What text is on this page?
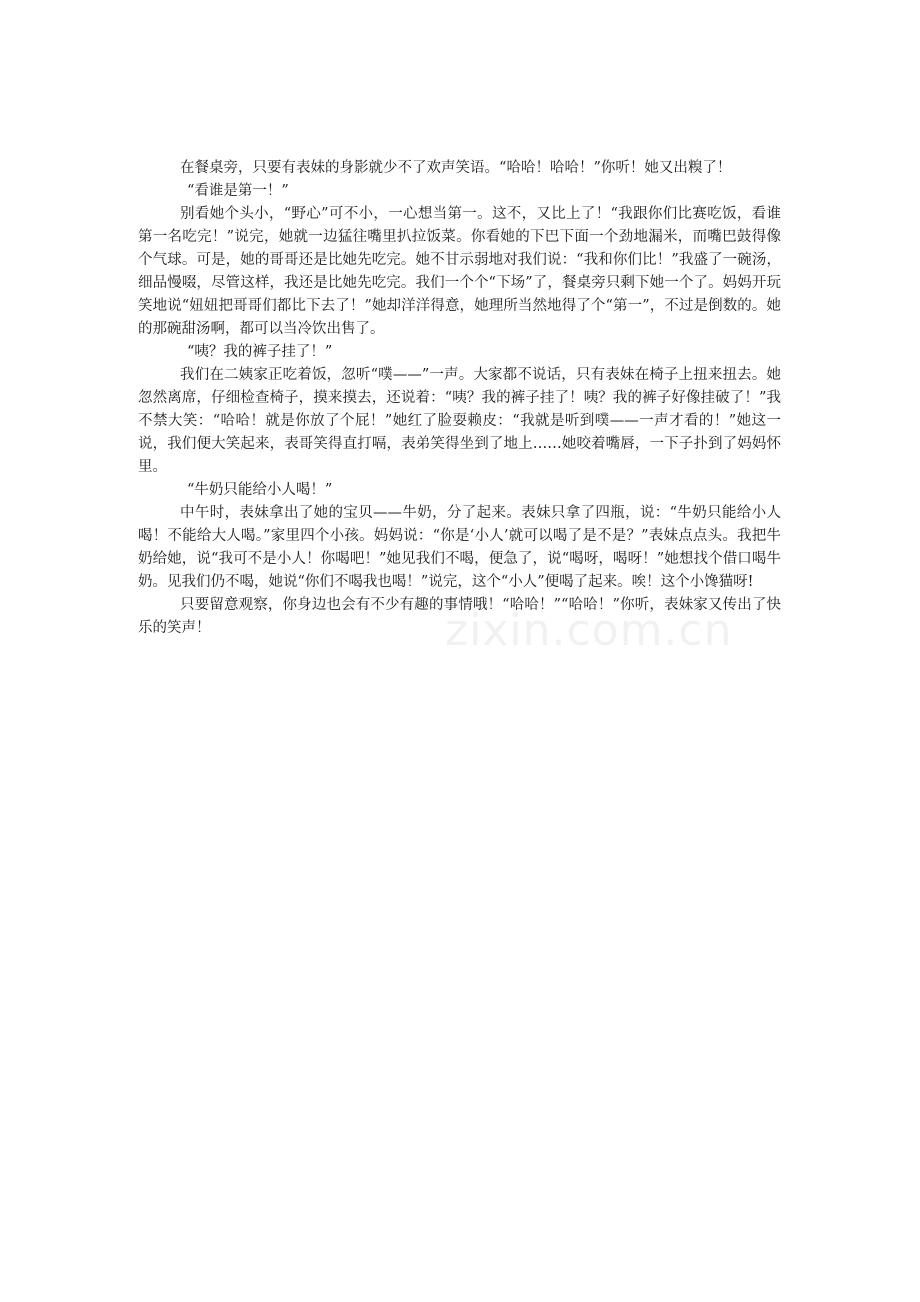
在餐桌旁，只要有表妹的身影就少不了欢声笑语。“哈哈！哈哈！”你听！她又出糗了！

“看谁是第一！”

别看她个头小，“野心”可不小，一心想当第一。这不，又比上了！“我跟你们比赛吃饭，看谁第一名吃完！”说完，她就一边猛往嘴里扒拉饭菜。你看她的下巴下面一个劲地漏米，而嘴巴鼓得像个气球。可是，她的哥哥还是比她先吃完。她不甘示弱地对我们说：“我和你们比！”我盛了一碗汤，细品慢啜，尽管这样，我还是比她先吃完。我们一个个“下场”了，餐桌旁只剩下她一个了。妈妈开玩笑地说“妞妞把哥哥们都比下去了！”她却洋洋得意，她理所当然地得了个“第一”，不过是倒数的。她的那碗甜汤啊，都可以当冷饮出售了。

“咦？我的裤子挂了！”

我们在二姨家正吃着饭，忽听“噗——”一声。大家都不说话，只有表妹在椅子上扭来扭去。她忽然离席，仔细检查椅子，摸来摸去，还说着：“咦？我的裤子挂了！咦？我的裤子好像挂破了！”我不禁大笑：“哈哈！就是你放了个屁！”她红了脸耍赖皮：“我就是听到噗——一声才看的！”她这一说，我们便大笑起来，表哥笑得直打嗝，表弟笑得坐到了地上……她咬着嘴唇，一下子扑到了妈妈怀里。

“牛奶只能给小人喝！”

中午时，表妹拿出了她的宝贝——牛奶，分了起来。表妹只拿了四瓶，说：“牛奶只能给小人喝！不能给大人喝。”家里四个小孩。妈妈说：“你是‘小人’就可以喝了是不是？”表妹点点头。我把牛奶给她，说“我可不是小人！你喝吧！”她见我们不喝，便急了，说“喝呀，喝呀！”她想找个借口喝牛奶。见我们仍不喝，她说“你们不喝我也喝！”说完，这个“小人”便喝了起来。唉！这个小馋猫呀!

只要留意观察，你身边也会有不少有趣的事情哦！“哈哈！”“哈哈！”你听，表妹家又传出了快乐的笑声！	zixin.com.cn
